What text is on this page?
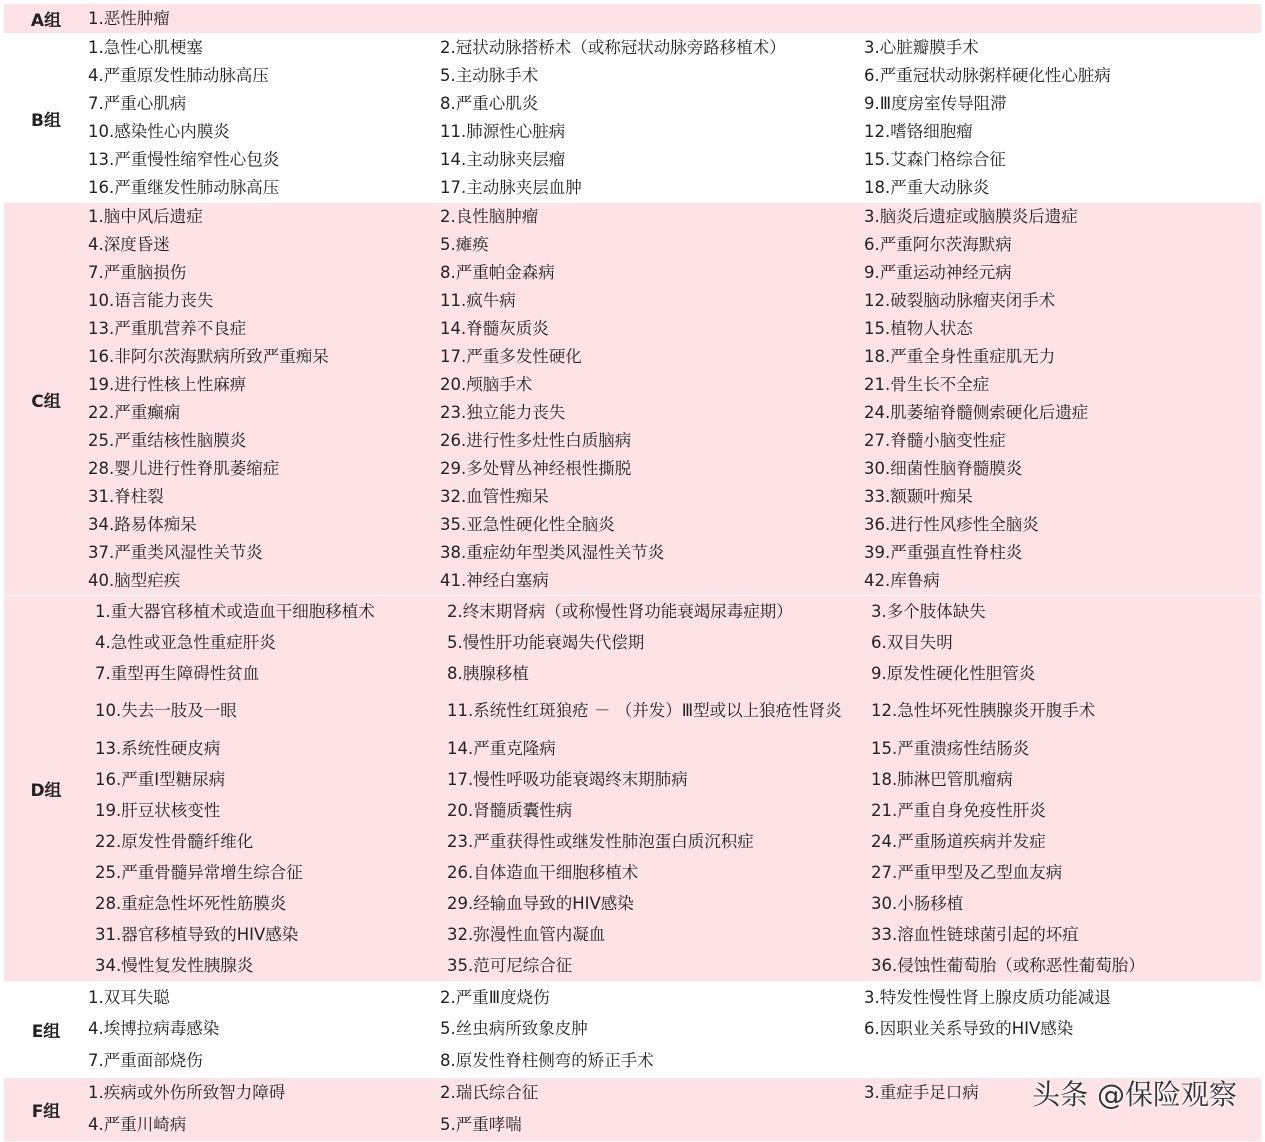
A组	1.恶性肿瘤
B组
1.急性心肌梗塞	2.冠状动脉搭桥术（或称冠状动脉旁路移植术）	3.心脏瓣膜手术
4.严重原发性肺动脉高压	5.主动脉手术	6.严重冠状动脉粥样硬化性心脏病
7.严重心肌病	8.严重心肌炎	9.Ⅲ度房室传导阻滞
10.感染性心内膜炎	11.肺源性心脏病	12.嗜铬细胞瘤
13.严重慢性缩窄性心包炎	14.主动脉夹层瘤	15.艾森门格综合征
16.严重继发性肺动脉高压	17.主动脉夹层血肿	18.严重大动脉炎
C组
1.脑中风后遗症	2.良性脑肿瘤	3.脑炎后遗症或脑膜炎后遗症
4.深度昏迷	5.瘫痪	6.严重阿尔茨海默病
7.严重脑损伤	8.严重帕金森病	9.严重运动神经元病
10.语言能力丧失	11.疯牛病	12.破裂脑动脉瘤夹闭手术
13.严重肌营养不良症	14.脊髓灰质炎	15.植物人状态
16.非阿尔茨海默病所致严重痴呆	17.严重多发性硬化	18.严重全身性重症肌无力
19.进行性核上性麻痹	20.颅脑手术	21.骨生长不全症
22.严重癫痫	23.独立能力丧失	24.肌萎缩脊髓侧索硬化后遗症
25.严重结核性脑膜炎	26.进行性多灶性白质脑病	27.脊髓小脑变性症
28.婴儿进行性脊肌萎缩症	29.多处臂丛神经根性撕脱	30.细菌性脑脊髓膜炎
31.脊柱裂	32.血管性痴呆	33.额颞叶痴呆
34.路易体痴呆	35.亚急性硬化性全脑炎	36.进行性风疹性全脑炎
37.严重类风湿性关节炎	38.重症幼年型类风湿性关节炎	39.严重强直性脊柱炎
40.脑型疟疾	41.神经白塞病	42.库鲁病
D组
1.重大器官移植术或造血干细胞移植术	2.终末期肾病（或称慢性肾功能衰竭尿毒症期）	3.多个肢体缺失
4.急性或亚急性重症肝炎	5.慢性肝功能衰竭失代偿期	6.双目失明
7.重型再生障碍性贫血	8.胰腺移植	9.原发性硬化性胆管炎
10.失去一肢及一眼	11.系统性红斑狼疮 － （并发）Ⅲ型或以上狼疮性肾炎	12.急性坏死性胰腺炎开腹手术
13.系统性硬皮病	14.严重克隆病	15.严重溃疡性结肠炎
16.严重Ⅰ型糖尿病	17.慢性呼吸功能衰竭终末期肺病	18.肺淋巴管肌瘤病
19.肝豆状核变性	20.肾髓质囊性病	21.严重自身免疫性肝炎
22.原发性骨髓纤维化	23.严重获得性或继发性肺泡蛋白质沉积症	24.严重肠道疾病并发症
25.严重骨髓异常增生综合征	26.自体造血干细胞移植术	27.严重甲型及乙型血友病
28.重症急性坏死性筋膜炎	29.经输血导致的HIV感染	30.小肠移植
31.器官移植导致的HIV感染	32.弥漫性血管内凝血	33.溶血性链球菌引起的坏疽
34.慢性复发性胰腺炎	35.范可尼综合征	36.侵蚀性葡萄胎（或称恶性葡萄胎）
E组
1.双耳失聪	2.严重Ⅲ度烧伤	3.特发性慢性肾上腺皮质功能减退
4.埃博拉病毒感染	5.丝虫病所致象皮肿	6.因职业关系导致的HIV感染
7.严重面部烧伤	8.原发性脊柱侧弯的矫正手术
F组
1.疾病或外伤所致智力障碍	2.瑞氏综合征	3.重症手足口病
4.严重川崎病	5.严重哮喘
头条 @保险观察
